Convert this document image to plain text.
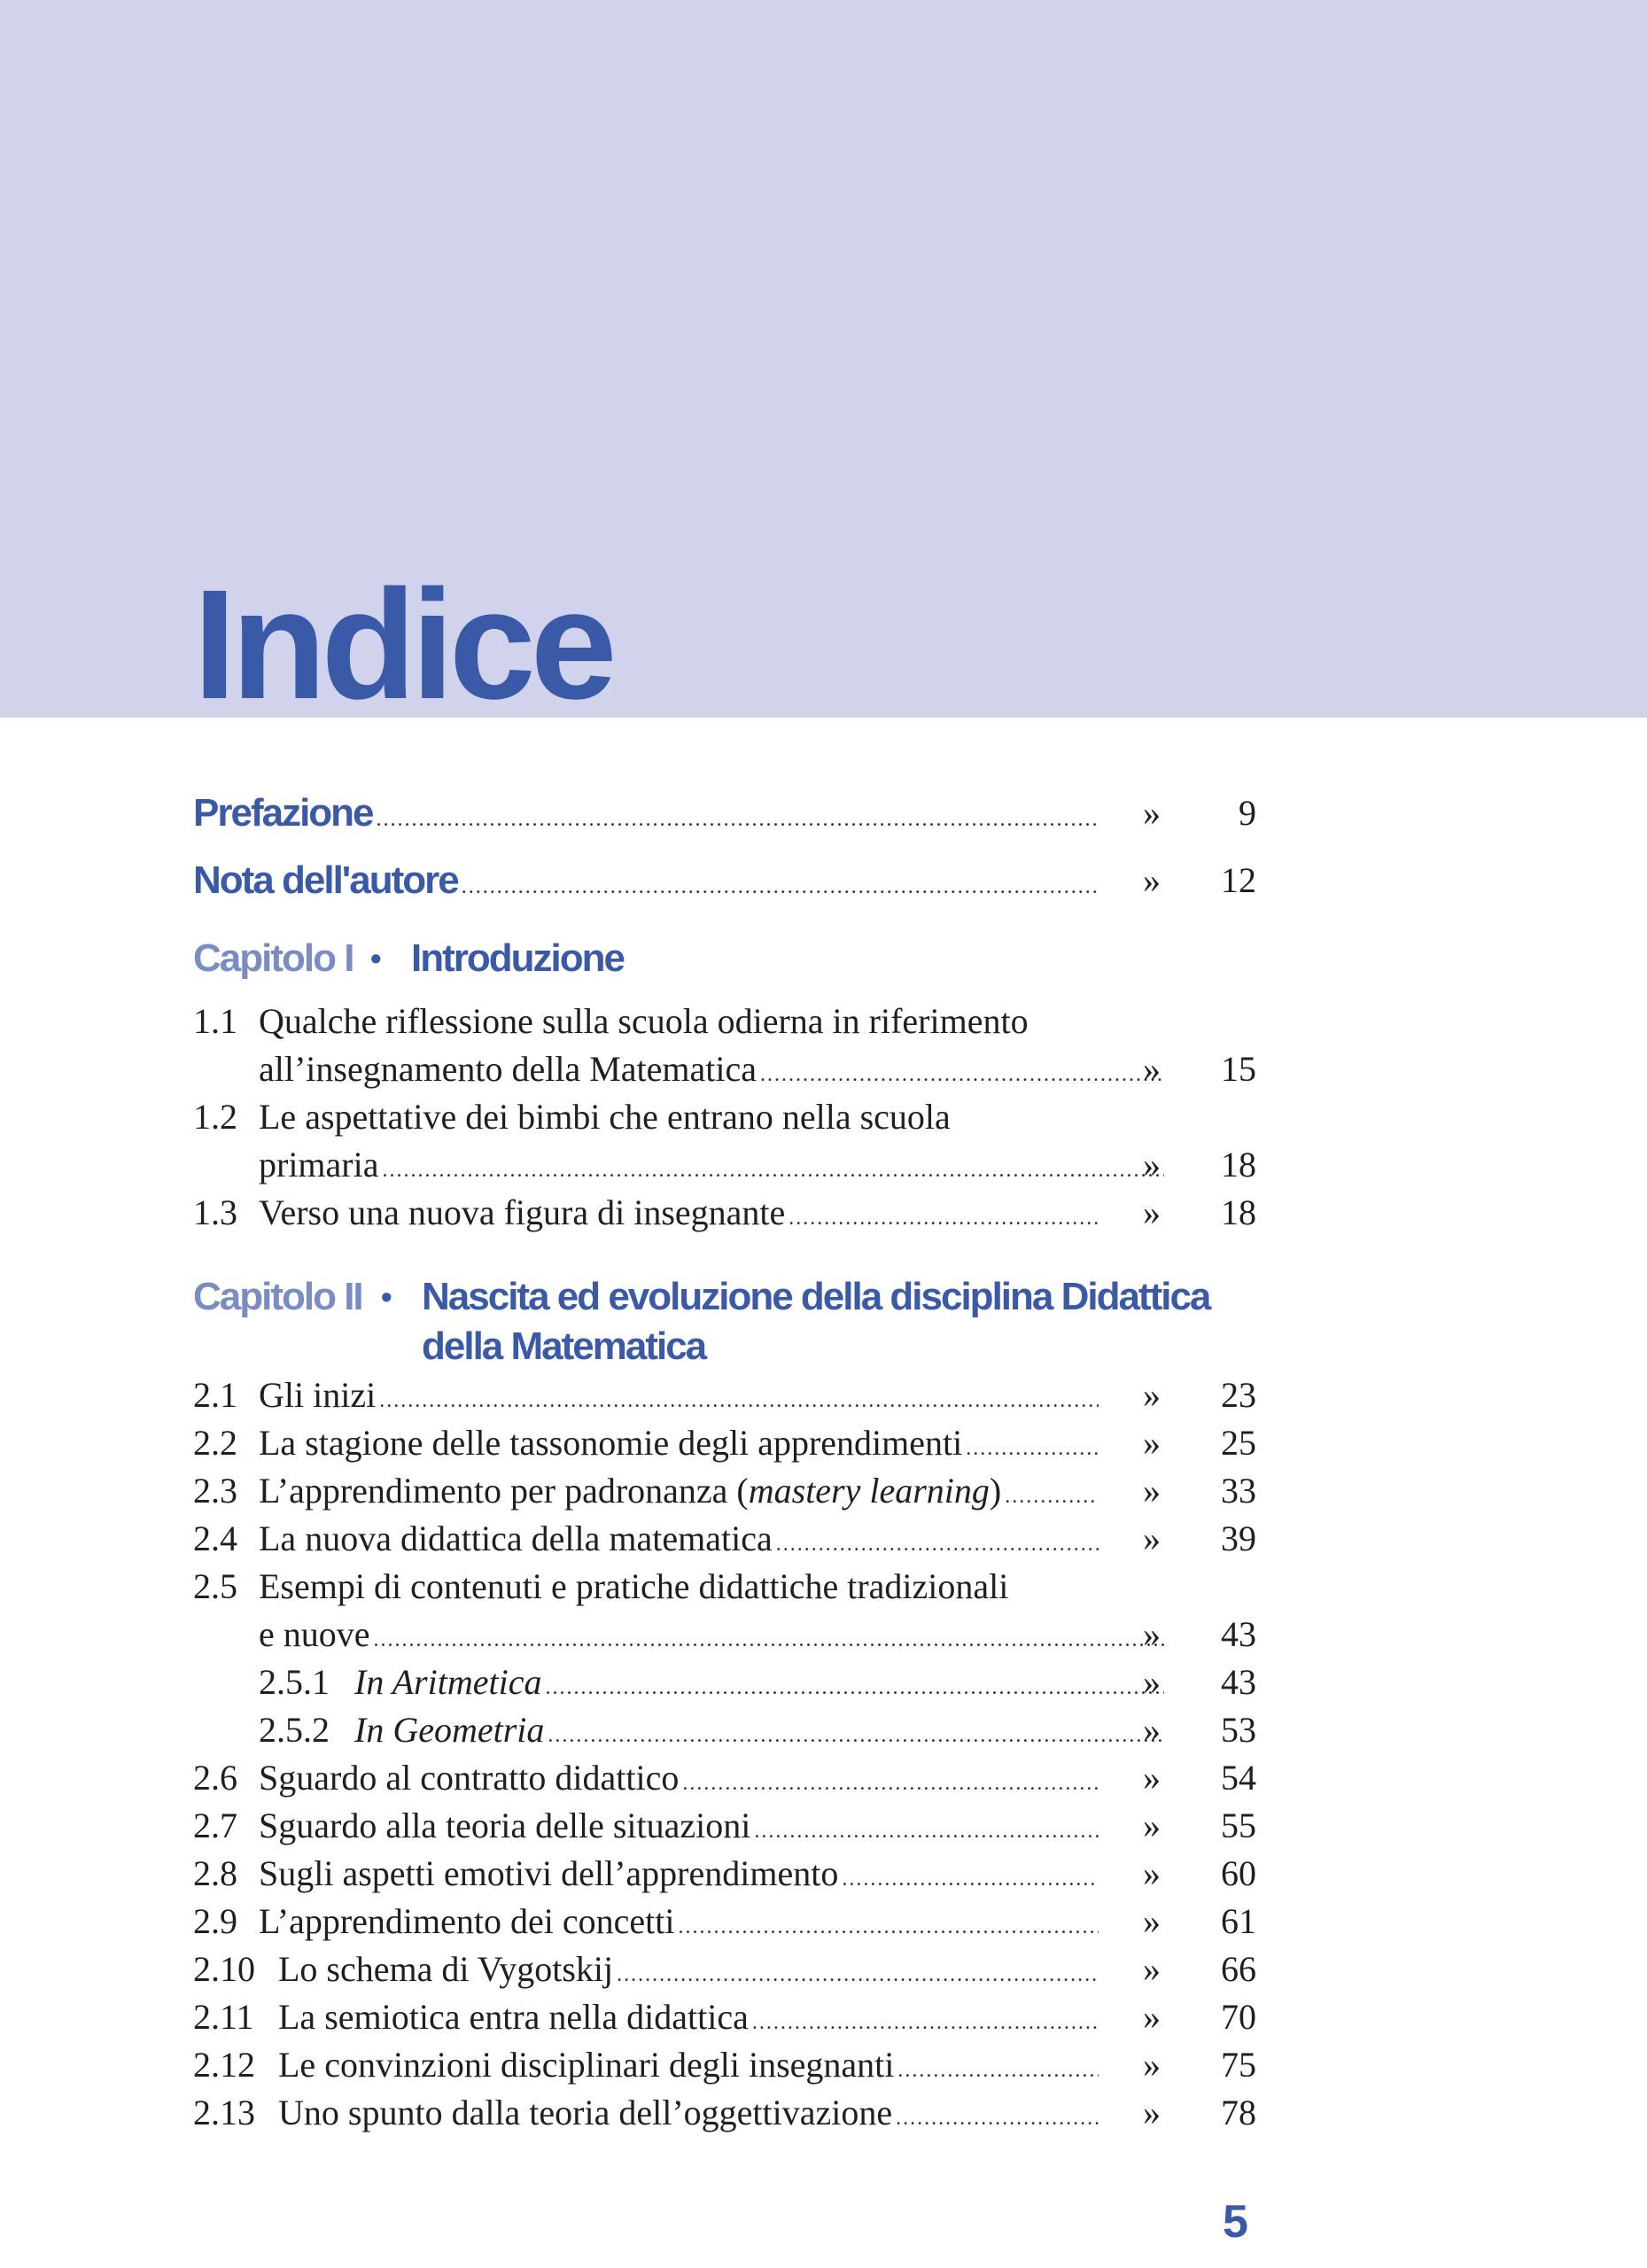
Indice
Prefazione . . .	»	9
Nota dell'autore . . .	»	12
Capitolo I • Introduzione
1.1 Qualche riflessione sulla scuola odierna in riferimento
all’insegnamento della Matematica . . .	»	15
1.2 Le aspettative dei bimbi che entrano nella scuola
primaria . . .	»	18
1.3 Verso una nuova figura di insegnante . . .	»	18
Capitolo II • Nascita ed evoluzione della disciplina Didattica
della Matematica
2.1 Gli inizi . . .	»	23
2.2 La stagione delle tassonomie degli apprendimenti . . .	»	25
2.3 L’apprendimento per padronanza (mastery learning) . . .	»	33
2.4 La nuova didattica della matematica . . .	»	39
2.5 Esempi di contenuti e pratiche didattiche tradizionali
e nuove . . .	»	43
2.5.1 In Aritmetica . . .	»	43
2.5.2 In Geometria . . .	»	53
2.6 Sguardo al contratto didattico . . .	»	54
2.7 Sguardo alla teoria delle situazioni . . .	»	55
2.8 Sugli aspetti emotivi dell’apprendimento . . .	»	60
2.9 L’apprendimento dei concetti . . .	»	61
2.10 Lo schema di Vygotskij . . .	»	66
2.11 La semiotica entra nella didattica . . .	»	70
2.12 Le convinzioni disciplinari degli insegnanti . . .	»	75
2.13 Uno spunto dalla teoria dell’oggettivazione . . .	»	78
5
